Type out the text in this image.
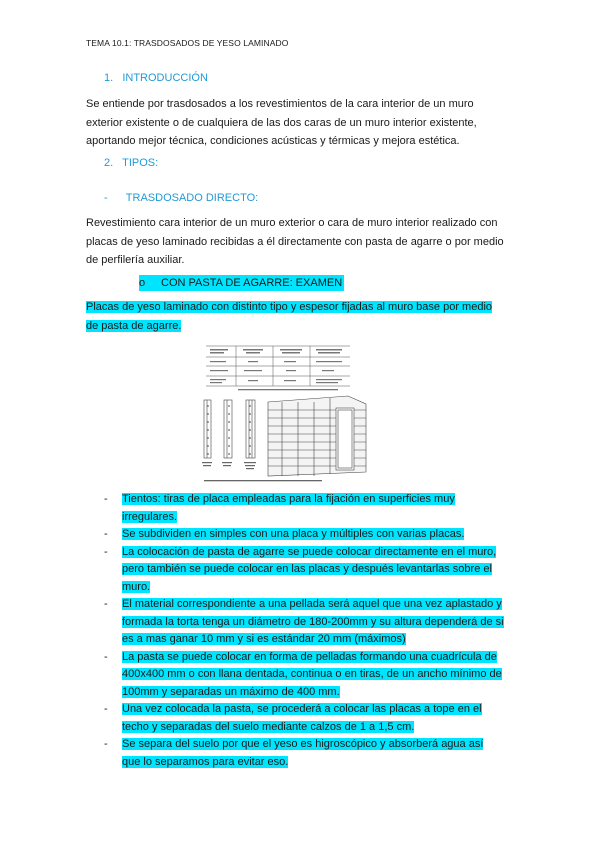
TEMA 10.1: TRASDOSADOS DE YESO LAMINADO
1.   INTRODUCCIÓN
Se entiende por trasdosados a los revestimientos de la cara interior de un muro exterior existente o de cualquiera de las dos caras de un muro interior existente, aportando mejor técnica, condiciones acústicas y térmicas y mejora estética.
2.   TIPOS:
-      TRASDOSADO DIRECTO:
Revestimiento cara interior de un muro exterior o cara de muro interior realizado con placas de yeso laminado recibidas a él directamente con pasta de agarre o por medio de perfilería auxiliar.
o CON PASTA DE AGARRE: EXAMEN
Placas de yeso laminado con distinto tipo y espesor fijadas al muro base por medio de pasta de agarre.
-	Tientos: tiras de placa empleadas para la fijación en superficies muy irregulares.
-	Se subdividen en simples con una placa y múltiples con varias placas.
-	La colocación de pasta de agarre se puede colocar directamente en el muro, pero también se puede colocar en las placas y después levantarlas sobre el muro.
-	El material correspondiente a una pellada será aquel que una vez aplastado y formada la torta tenga un diámetro de 180-200mm y su altura dependerá de si es a mas ganar 10 mm y si es estándar 20 mm (máximos)
-	La pasta se puede colocar en forma de pelladas formando una cuadrícula de 400x400 mm o con llana dentada, continua o en tiras, de un ancho mínimo de 100mm y separadas un máximo de 400 mm.
-	Una vez colocada la pasta, se procederá a colocar las placas a tope en el techo y separadas del suelo mediante calzos de 1 a 1,5 cm.
-	Se separa del suelo por que el yeso es higroscópico y absorberá agua así que lo separamos para evitar eso.
